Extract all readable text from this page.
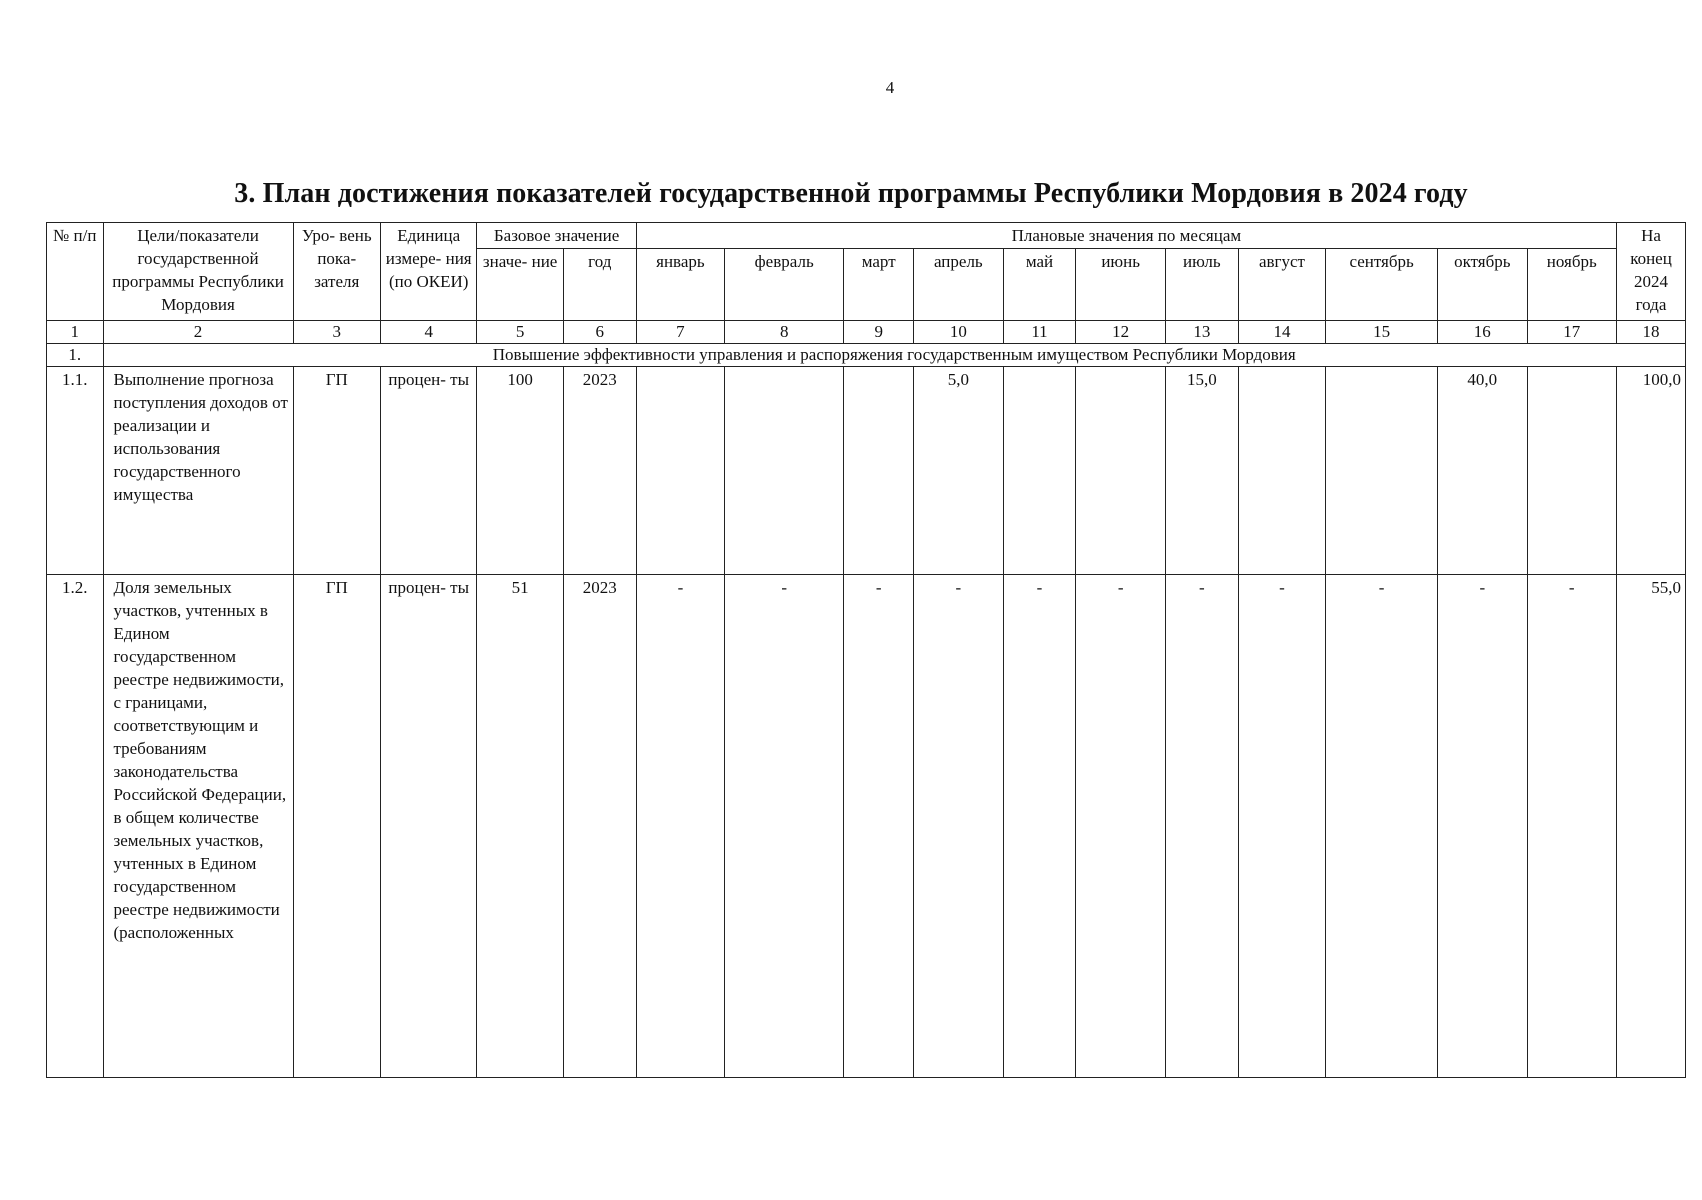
4
3. План достижения показателей государственной программы Республики Мордовия в 2024 году
№ п/п	Цели/показатели государственной программы Республики Мордовия	Уро- вень пока- зателя	Единица измере- ния (по ОКЕИ)	Базовое значение		Плановые значения по месяцам											На конец 2024 года
				значе- ние	год	январь	февраль	март	апрель	май	июнь	июль	август	сентябрь	октябрь	ноябрь	
1	2	3	4	5	6	7	8	9	10	11	12	13	14	15	16	17	18
1.	Повышение эффективности управления и распоряжения государственным имуществом Республики Мордовия																
1.1.	Выполнение прогноза поступления доходов от реализации и использования государственного имущества	ГП	процен- ты	100	2023				5,0			15,0			40,0		100,0
1.2.	Доля земельных участков, учтенных в Едином государственном реестре недвижимости, с границами, соответствующим и требованиям законодательства Российской Федерации, в общем количестве земельных участков, учтенных в Едином государственном реестре недвижимости (расположенных	ГП	процен- ты	51	2023	-	-	-	-	-	-	-	-	-	-	-	55,0
